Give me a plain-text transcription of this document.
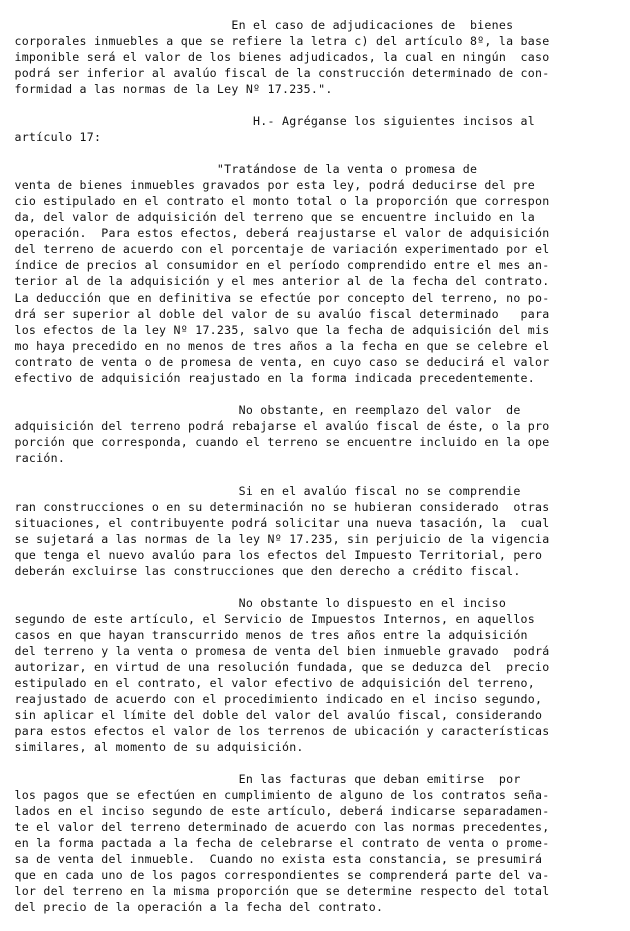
En el caso de adjudicaciones de  bienes
corporales inmuebles a que se refiere la letra c) del artículo 8º, la base
imponible será el valor de los bienes adjudicados, la cual en ningún  caso
podrá ser inferior al avalúo fiscal de la construcción determinado de con-
formidad a las normas de la Ley Nº 17.235.".
H.- Agréganse los siguientes incisos al
artículo 17:
"Tratándose de la venta o promesa de
venta de bienes inmuebles gravados por esta ley, podrá deducirse del pre
cio estipulado en el contrato el monto total o la proporción que correspon
da, del valor de adquisición del terreno que se encuentre incluido en la
operación.  Para estos efectos, deberá reajustarse el valor de adquisición
del terreno de acuerdo con el porcentaje de variación experimentado por el
índice de precios al consumidor en el período comprendido entre el mes an-
terior al de la adquisición y el mes anterior al de la fecha del contrato.
La deducción que en definitiva se efectúe por concepto del terreno, no po-
drá ser superior al doble del valor de su avalúo fiscal determinado   para
los efectos de la ley Nº 17.235, salvo que la fecha de adquisición del mis
mo haya precedido en no menos de tres años a la fecha en que se celebre el
contrato de venta o de promesa de venta, en cuyo caso se deducirá el valor
efectivo de adquisición reajustado en la forma indicada precedentemente.
No obstante, en reemplazo del valor  de
adquisición del terreno podrá rebajarse el avalúo fiscal de éste, o la pro
porción que corresponda, cuando el terreno se encuentre incluido en la ope
ración.
Si en el avalúo fiscal no se comprendie
ran construcciones o en su determinación no se hubieran considerado  otras
situaciones, el contribuyente podrá solicitar una nueva tasación, la  cual
se sujetará a las normas de la ley Nº 17.235, sin perjuicio de la vigencia
que tenga el nuevo avalúo para los efectos del Impuesto Territorial, pero
deberán excluirse las construcciones que den derecho a crédito fiscal.
No obstante lo dispuesto en el inciso
segundo de este artículo, el Servicio de Impuestos Internos, en aquellos
casos en que hayan transcurrido menos de tres años entre la adquisición
del terreno y la venta o promesa de venta del bien inmueble gravado  podrá
autorizar, en virtud de una resolución fundada, que se deduzca del  precio
estipulado en el contrato, el valor efectivo de adquisición del terreno,
reajustado de acuerdo con el procedimiento indicado en el inciso segundo,
sin aplicar el límite del doble del valor del avalúo fiscal, considerando
para estos efectos el valor de los terrenos de ubicación y características
similares, al momento de su adquisición.
En las facturas que deban emitirse  por
los pagos que se efectúen en cumplimiento de alguno de los contratos seña-
lados en el inciso segundo de este artículo, deberá indicarse separadamen-
te el valor del terreno determinado de acuerdo con las normas precedentes,
en la forma pactada a la fecha de celebrarse el contrato de venta o prome-
sa de venta del inmueble.  Cuando no exista esta constancia, se presumirá
que en cada uno de los pagos correspondientes se comprenderá parte del va-
lor del terreno en la misma proporción que se determine respecto del total
del precio de la operación a la fecha del contrato.
